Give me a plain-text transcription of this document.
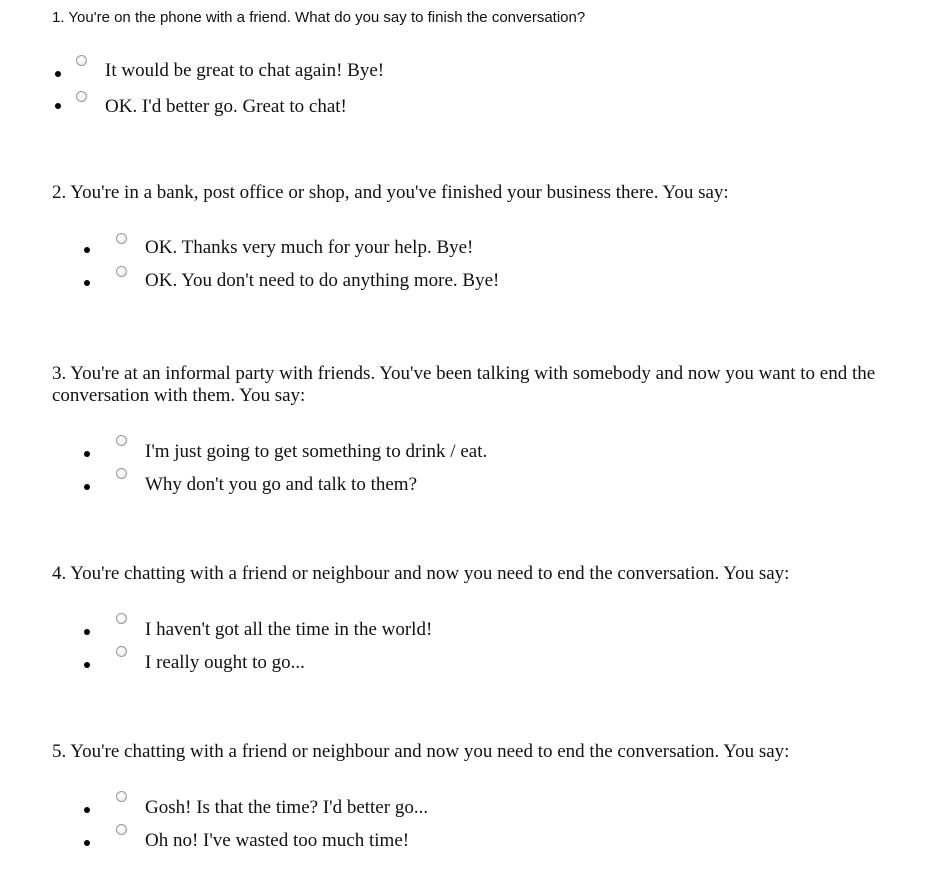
1. You're on the phone with a friend. What do you say to finish the conversation?

It would be great to chat again! Bye!
OK. I'd better go. Great to chat!

2. You're in a bank, post office or shop, and you've finished your business there. You say:

OK. Thanks very much for your help. Bye!
OK. You don't need to do anything more. Bye!

3. You're at an informal party with friends. You've been talking with somebody and now you want to end the conversation with them. You say:

I'm just going to get something to drink / eat.
Why don't you go and talk to them?

4. You're chatting with a friend or neighbour and now you need to end the conversation. You say:

I haven't got all the time in the world!
I really ought to go...

5. You're chatting with a friend or neighbour and now you need to end the conversation. You say:

Gosh! Is that the time? I'd better go...
Oh no! I've wasted too much time!
